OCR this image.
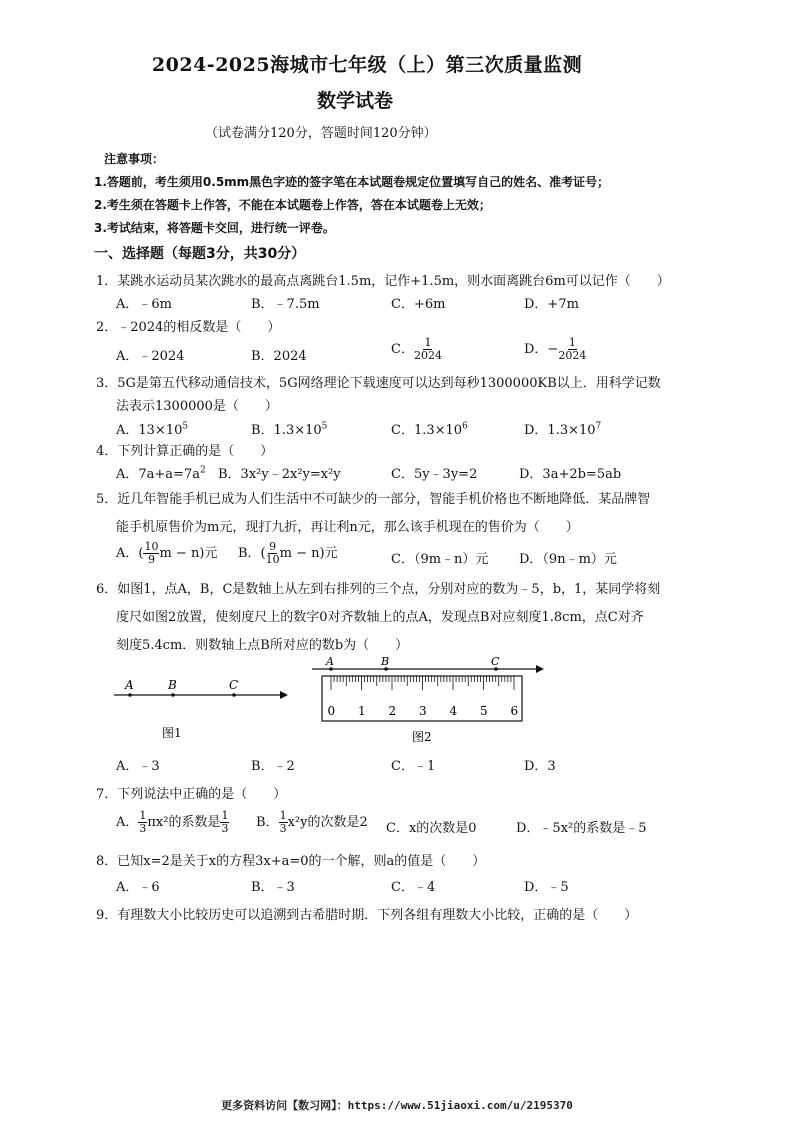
2024-2025海城市七年级（上）第三次质量监测
数学试卷
（试卷满分120分，答题时间120分钟）
注意事项：
1.答题前，考生须用0.5mm黑色字迹的签字笔在本试题卷规定位置填写自己的姓名、准考证号；
2.考生须在答题卡上作答，不能在本试题卷上作答，答在本试题卷上无效；
3.考试结束，将答题卡交回，进行统一评卷。
一、选择题（每题3分，共30分）
1．某跳水运动员某次跳水的最高点离跳台1.5m，记作+1.5m，则水面离跳台6m可以记作（　　）
A．﹣6m	B．﹣7.5m	C．+6m	D．+7m
2．﹣2024的相反数是（　　）
A．﹣2024	B．2024	C． $\frac{1}{2024}$	D．− $\frac{1}{2024}$
3．5G是第五代移动通信技术，5G网络理论下载速度可以达到每秒1300000KB以上．用科学记数
法表示1300000是（　　）
A．$13\times 10^5$	B．$1.3\times 10^5$	C．$1.3\times 10^6$	D．$1.3\times 10^7$
4．下列计算正确的是（　　）
A．$7a+a=7a^2$ B．3x²y﹣2x²y=x²y	C．5y﹣3y=2	D．3a+2b=5ab
5．近几年智能手机已成为人们生活中不可缺少的一部分，智能手机价格也不断地降低．某品牌智
能手机原售价为m元，现打九折，再让利n元，那么该手机现在的售价为（　　）
A．( $\frac{10}{9}$ m − n)元 B．( $\frac{9}{10}$ m − n)元	C．（9m﹣n）元 D．（9n﹣m）元
6．如图1，点A，B，C是数轴上从左到右排列的三个点，分别对应的数为﹣5，b，1，某同学将刻
度尺如图2放置，使刻度尺上的数字0对齐数轴上的点A，发现点B对应刻度1.8cm，点C对齐
刻度5.4cm．则数轴上点B所对应的数b为（　　）
A	B	C
图1
A	B	C
0 1 2 3 4 5 6
图2
A．﹣3	B．﹣2	C．﹣1	D．3
7．下列说法中正确的是（　　）
A． $\frac{1}{3} \pi x^2$的系数是 $\frac{1}{3}$ B． $\frac{1}{3} x^2y$的次数是2 C．x的次数是0	D．﹣5x²的系数是﹣5
8．已知x=2是关于x的方程3x+a=0的一个解，则a的值是（　　）
A．﹣6	B．﹣3	C．﹣4	D．﹣5
9．有理数大小比较历史可以追溯到古希腊时期．下列各组有理数大小比较，正确的是（　　）
更多资料访问【数习网】：https://www.51jiaoxi.com/u/2195370
